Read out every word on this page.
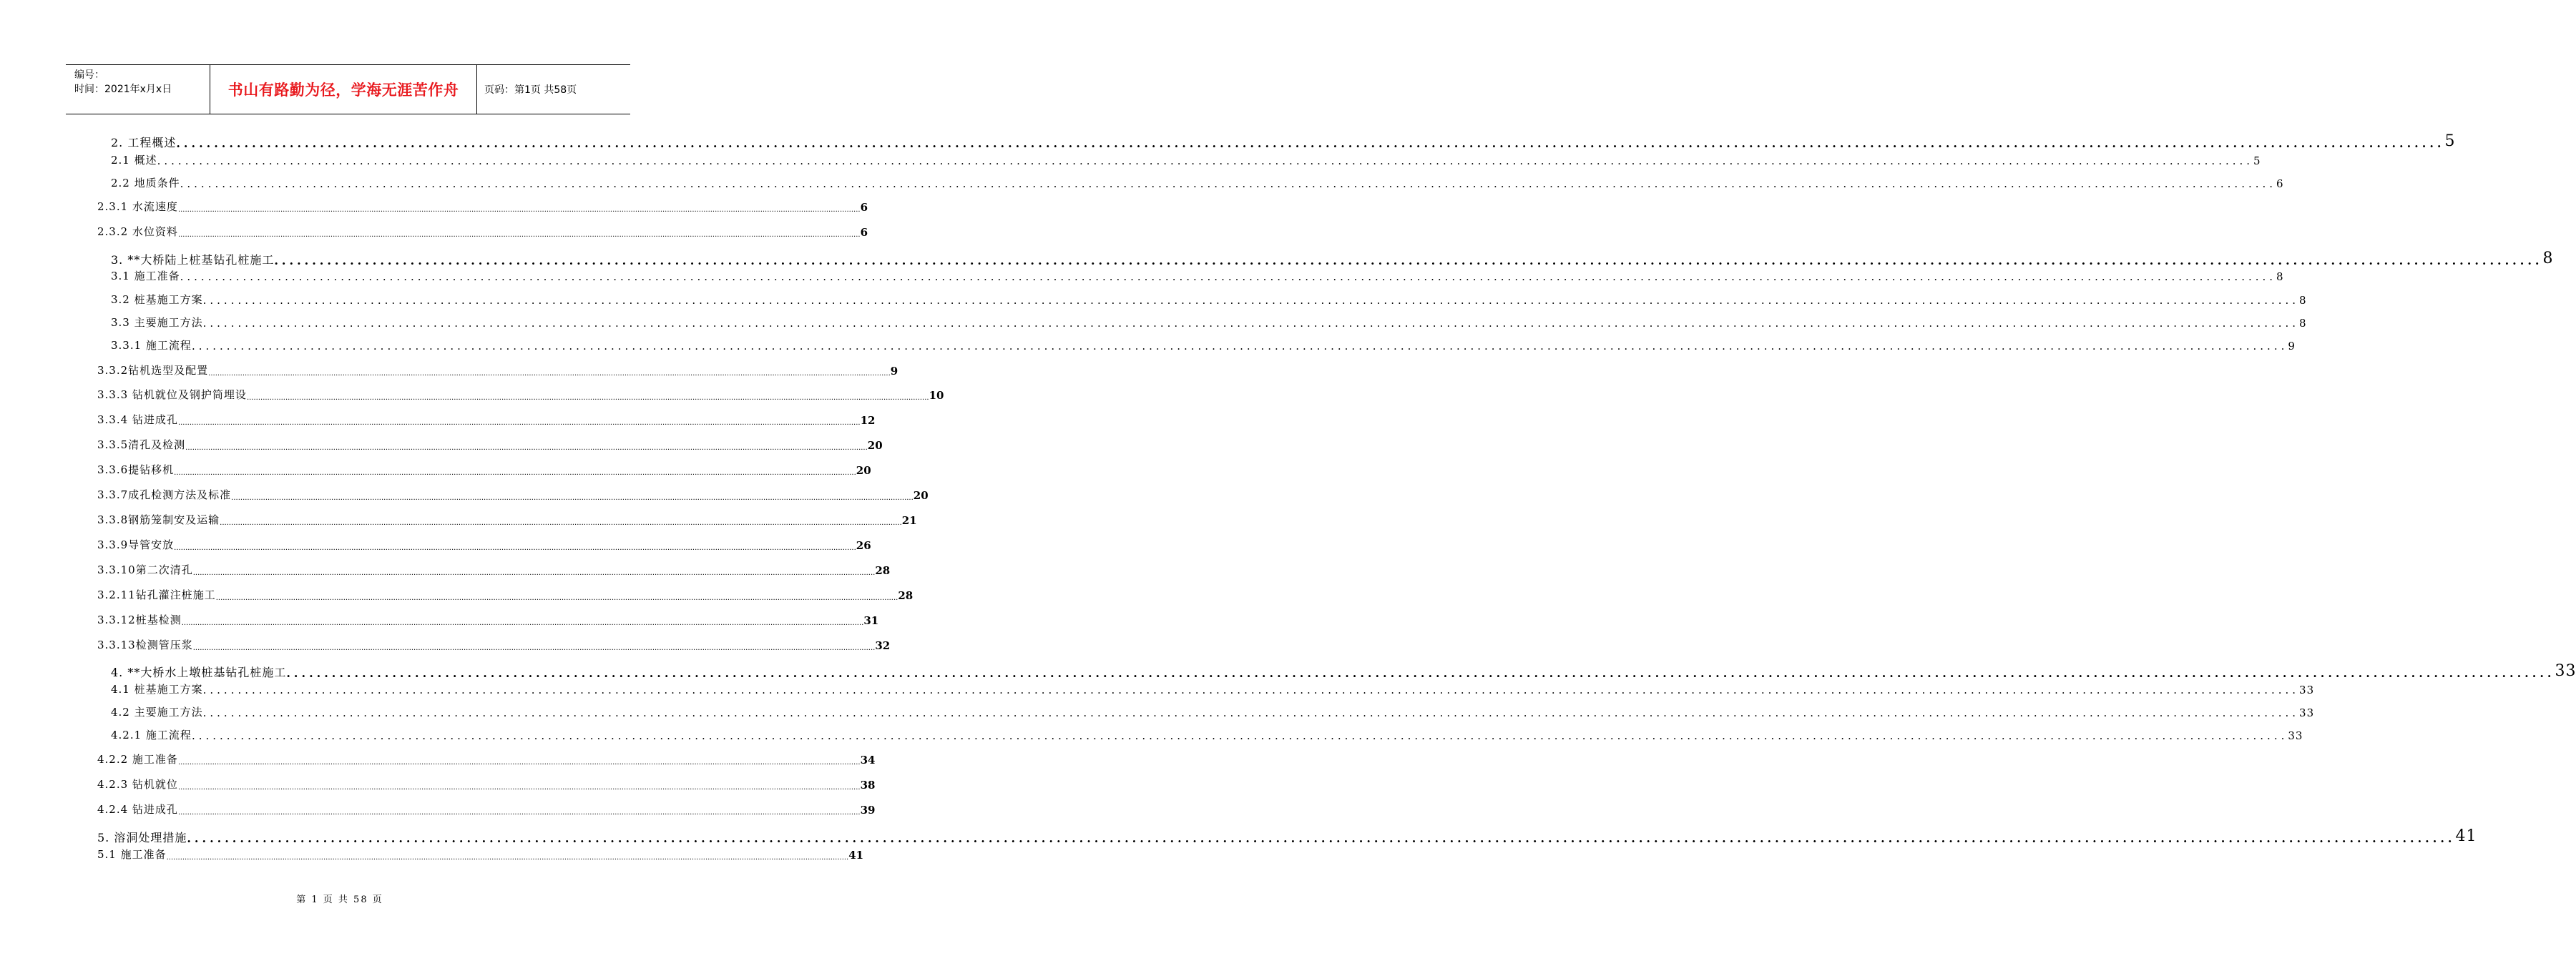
编号：
时间：2021年x月x日	书山有路勤为径，学海无涯苦作舟	页码：第1页 共58页
2. 工程概述 ............................................................................................................................................................................................................................................................................................................ 5
2.1 概述 ............................................................................................................................................................................................................................................................................................................ 5
2.2 地质条件 ............................................................................................................................................................................................................................................................................................................ 6
2.3.1 水流速度 ............................................................................................................................................................................................................................................................................................................ 6
2.3.2 水位资料 ............................................................................................................................................................................................................................................................................................................ 6
3. **大桥陆上桩基钻孔桩施工 ............................................................................................................................................................................................................................................................................................................ 8
3.1 施工准备 ............................................................................................................................................................................................................................................................................................................ 8
3.2 桩基施工方案 ............................................................................................................................................................................................................................................................................................................ 8
3.3 主要施工方法 ............................................................................................................................................................................................................................................................................................................ 8
3.3.1 施工流程 ............................................................................................................................................................................................................................................................................................................ 9
3.3.2钻机选型及配置 ............................................................................................................................................................................................................................................................................................................ 9
3.3.3 钻机就位及钢护筒埋设 ............................................................................................................................................................................................................................................................................................................ 10
3.3.4 钻进成孔 ............................................................................................................................................................................................................................................................................................................ 12
3.3.5清孔及检测 ............................................................................................................................................................................................................................................................................................................ 20
3.3.6提钻移机 ............................................................................................................................................................................................................................................................................................................ 20
3.3.7成孔检测方法及标准 ............................................................................................................................................................................................................................................................................................................ 20
3.3.8钢筋笼制安及运输 ............................................................................................................................................................................................................................................................................................................ 21
3.3.9导管安放 ............................................................................................................................................................................................................................................................................................................ 26
3.3.10第二次清孔 ............................................................................................................................................................................................................................................................................................................ 28
3.2.11钻孔灌注桩施工 ............................................................................................................................................................................................................................................................................................................ 28
3.3.12桩基检测 ............................................................................................................................................................................................................................................................................................................ 31
3.3.13检测管压浆 ............................................................................................................................................................................................................................................................................................................ 32
4. **大桥水上墩桩基钻孔桩施工 ............................................................................................................................................................................................................................................................................................................ 33
4.1 桩基施工方案 ............................................................................................................................................................................................................................................................................................................ 33
4.2 主要施工方法 ............................................................................................................................................................................................................................................................................................................ 33
4.2.1 施工流程 ............................................................................................................................................................................................................................................................................................................ 33
4.2.2 施工准备 ............................................................................................................................................................................................................................................................................................................ 34
4.2.3 钻机就位 ............................................................................................................................................................................................................................................................................................................ 38
4.2.4 钻进成孔 ............................................................................................................................................................................................................................................................................................................ 39
5. 溶洞处理措施 ............................................................................................................................................................................................................................................................................................................ 41
5.1 施工准备 ............................................................................................................................................................................................................................................................................................................ 41
第 1 页 共 58 页
